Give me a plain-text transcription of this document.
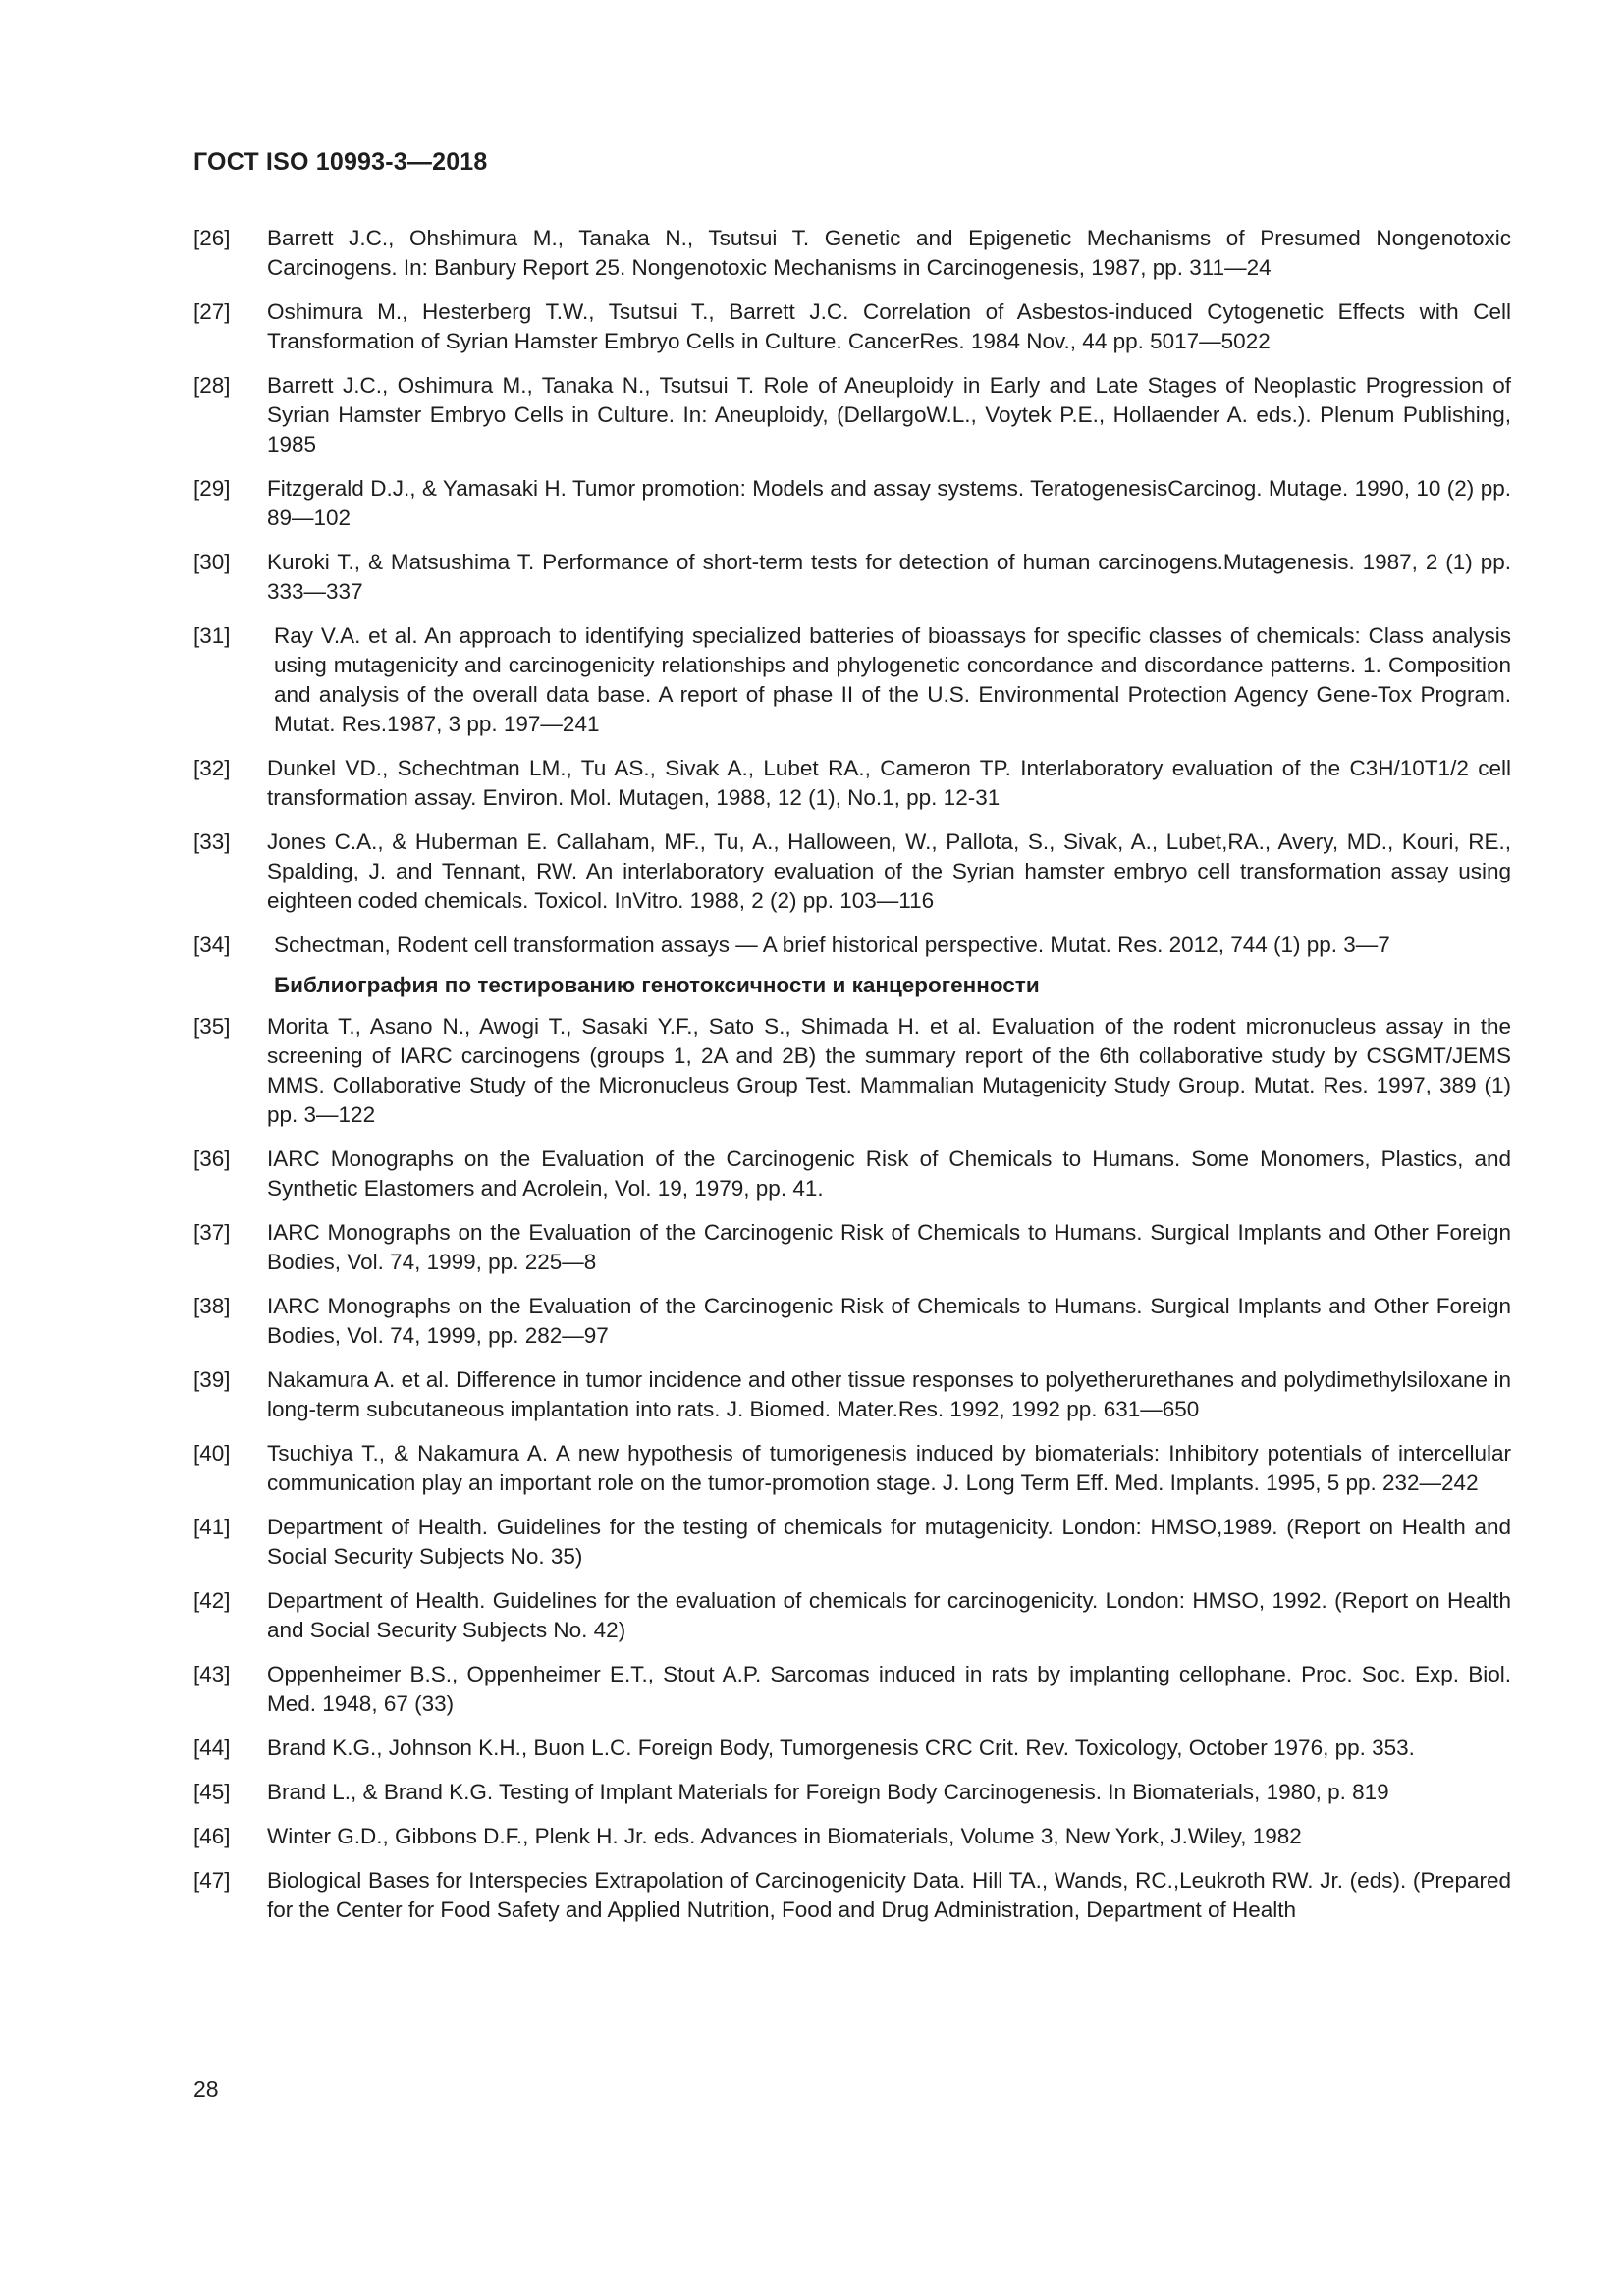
ГОСТ ISO 10993-3—2018
[26]	Barrett J.C., Ohshimura M., Tanaka N., Tsutsui T. Genetic and Epigenetic Mechanisms of Presumed Nongenotoxic Carcinogens. In: Banbury Report 25. Nongenotoxic Mechanisms in Carcinogenesis, 1987, pp. 311—24
[27]	Oshimura M., Hesterberg T.W., Tsutsui T., Barrett J.C. Correlation of Asbestos-induced Cytogenetic Effects with Cell Transformation of Syrian Hamster Embryo Cells in Culture. CancerRes. 1984 Nov., 44 pp. 5017—5022
[28]	Barrett J.C., Oshimura M., Tanaka N., Tsutsui T. Role of Aneuploidy in Early and Late Stages of Neoplastic Progression of Syrian Hamster Embryo Cells in Culture. In: Aneuploidy, (DellargoW.L., Voytek P.E., Hollaender A. eds.). Plenum Publishing, 1985
[29]	Fitzgerald D.J., & Yamasaki H. Tumor promotion: Models and assay systems. TeratogenesisCarcinog. Mutage. 1990, 10 (2) pp. 89—102
[30]	Kuroki T., & Matsushima T. Performance of short-term tests for detection of human carcinogens.Mutagenesis. 1987, 2 (1) pp. 333—337
[31]	Ray V.A. et al. An approach to identifying specialized batteries of bioassays for specific classes of chemicals: Class analysis using mutagenicity and carcinogenicity relationships and phylogenetic concordance and discordance patterns. 1. Composition and analysis of the overall data base. A report of phase II of the U.S. Environmental Protection Agency Gene-Tox Program. Mutat. Res.1987, 3 pp. 197—241
[32]	Dunkel VD., Schechtman LM., Tu AS., Sivak A., Lubet RA., Cameron TP. Interlaboratory evaluation of the C3H/10T1/2 cell transformation assay. Environ. Mol. Mutagen, 1988, 12 (1), No.1, pp. 12-31
[33]	Jones C.A., & Huberman E. Callaham, MF., Tu, A., Halloween, W., Pallota, S., Sivak, A., Lubet,RA., Avery, MD., Kouri, RE., Spalding, J. and Tennant, RW. An interlaboratory evaluation of the Syrian hamster embryo cell transformation assay using eighteen coded chemicals. Toxicol. InVitro. 1988, 2 (2) pp. 103—116
[34]	Schectman, Rodent cell transformation assays — A brief historical perspective. Mutat. Res. 2012, 744 (1) pp. 3—7
Библиография по тестированию генотоксичности и канцерогенности
[35]	Morita T., Asano N., Awogi T., Sasaki Y.F., Sato S., Shimada H. et al. Evaluation of the rodent micronucleus assay in the screening of IARC carcinogens (groups 1, 2A and 2B) the summary report of the 6th collaborative study by CSGMT/JEMS MMS. Collaborative Study of the Micronucleus Group Test. Mammalian Mutagenicity Study Group. Mutat. Res. 1997, 389 (1) pp. 3—122
[36]	IARC Monographs on the Evaluation of the Carcinogenic Risk of Chemicals to Humans. Some Monomers, Plastics, and Synthetic Elastomers and Acrolein, Vol. 19, 1979, pp. 41.
[37]	IARC Monographs on the Evaluation of the Carcinogenic Risk of Chemicals to Humans. Surgical Implants and Other Foreign Bodies, Vol. 74, 1999, pp. 225—8
[38]	IARC Monographs on the Evaluation of the Carcinogenic Risk of Chemicals to Humans. Surgical Implants and Other Foreign Bodies, Vol. 74, 1999, pp. 282—97
[39]	Nakamura A. et al. Difference in tumor incidence and other tissue responses to polyetherurethanes and polydimethylsiloxane in long-term subcutaneous implantation into rats. J. Biomed. Mater.Res. 1992, 1992 pp. 631—650
[40]	Tsuchiya T., & Nakamura A. A new hypothesis of tumorigenesis induced by biomaterials: Inhibitory potentials of intercellular communication play an important role on the tumor-promotion stage. J. Long Term Eff. Med. Implants. 1995, 5 pp. 232—242
[41]	Department of Health. Guidelines for the testing of chemicals for mutagenicity. London: HMSO,1989. (Report on Health and Social Security Subjects No. 35)
[42]	Department of Health. Guidelines for the evaluation of chemicals for carcinogenicity. London: HMSO, 1992. (Report on Health and Social Security Subjects No. 42)
[43]	Oppenheimer B.S., Oppenheimer E.T., Stout A.P. Sarcomas induced in rats by implanting cellophane. Proc. Soc. Exp. Biol. Med. 1948, 67 (33)
[44]	Brand K.G., Johnson K.H., Buon L.C. Foreign Body, Tumorgenesis CRC Crit. Rev. Toxicology, October 1976, pp. 353.
[45]	Brand L., & Brand K.G. Testing of Implant Materials for Foreign Body Carcinogenesis. In Biomaterials, 1980, p. 819
[46]	Winter G.D., Gibbons D.F., Plenk H. Jr. eds. Advances in Biomaterials, Volume 3, New York, J.Wiley, 1982
[47]	Biological Bases for Interspecies Extrapolation of Carcinogenicity Data. Hill TA., Wands, RC.,Leukroth RW. Jr. (eds). (Prepared for the Center for Food Safety and Applied Nutrition, Food and Drug Administration, Department of Health
28
